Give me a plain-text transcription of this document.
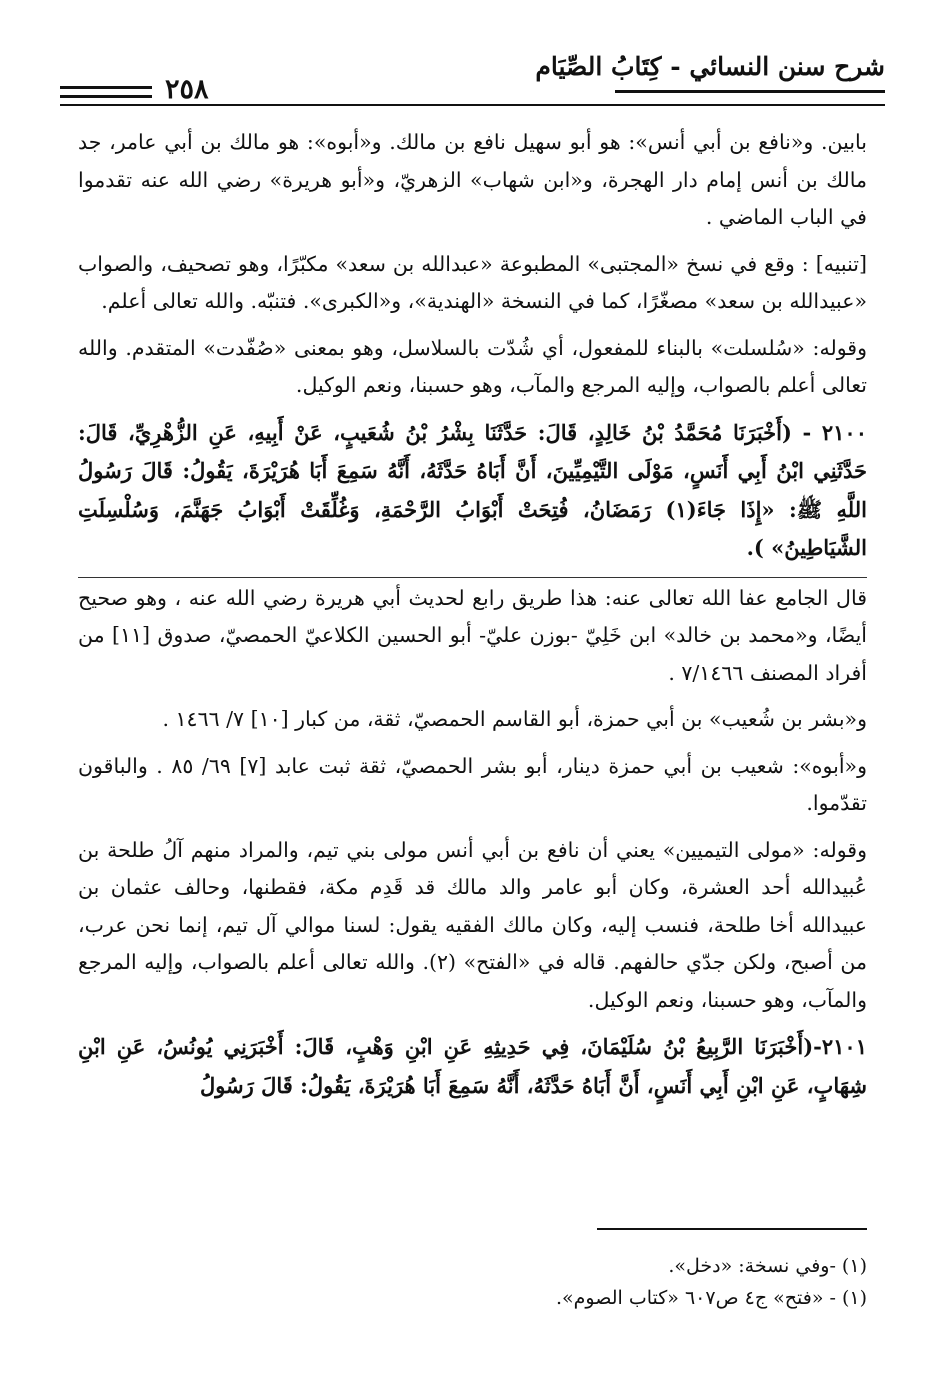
شرح سنن النسائي - كِتَابُ الصِّيَام
٢٥٨

بابين. و«نافع بن أبي أنس»: هو أبو سهيل نافع بن مالك. و«أبوه»: هو مالك بن أبي عامر، جد مالك بن أنس إمام دار الهجرة، و«ابن شهاب» الزهريّ، و«أبو هريرة» رضي الله عنه تقدموا في الباب الماضي .

[تنبيه] : وقع في نسخ «المجتبى» المطبوعة «عبدالله بن سعد» مكبّرًا، وهو تصحيف، والصواب «عبيدالله بن سعد» مصغّرًا، كما في النسخة «الهندية»، و«الكبرى». فتنبّه. والله تعالى أعلم.

وقوله: «سُلسلت» بالبناء للمفعول، أي شُدّت بالسلاسل، وهو بمعنى «صُفّدت» المتقدم. والله تعالى أعلم بالصواب، وإليه المرجع والمآب، وهو حسبنا، ونعم الوكيل.

٢١٠٠ - (أَخْبَرَنَا مُحَمَّدُ بْنُ خَالِدٍ، قَالَ: حَدَّثَنَا بِشْرُ بْنُ شُعَيبٍ، عَنْ أَبِيهِ، عَنِ الزُّهْرِيِّ، قَالَ: حَدَّثَنِي ابْنُ أَبِي أَنَسٍ، مَوْلَى التَّيْمِيِّينَ، أَنَّ أَبَاهُ حَدَّثَهُ، أَنَّهُ سَمِعَ أَبَا هُرَيْرَةَ، يَقُولُ: قَالَ رَسُولُ اللَّهِ ﷺ: «إِذَا جَاءَ(١) رَمَضَانُ، فُتِحَتْ أَبْوَابُ الرَّحْمَةِ، وَغُلِّقَتْ أَبْوَابُ جَهَنَّمَ، وَسُلْسِلَتِ الشَّيَاطِينُ» ).

قال الجامع عفا الله تعالى عنه: هذا طريق رابع لحديث أبي هريرة رضي الله عنه ، وهو صحيح أيضًا، و«محمد بن خالد» ابن خَلِيّ -بوزن عليّ- أبو الحسين الكلاعيّ الحمصيّ، صدوق [١١] من أفراد المصنف ٧/١٤٦٦ .

و«بشر بن شُعيب» بن أبي حمزة، أبو القاسم الحمصيّ، ثقة، من كبار [١٠] ٧/ ١٤٦٦ .

و«أبوه»: شعيب بن أبي حمزة دينار، أبو بشر الحمصيّ، ثقة ثبت عابد [٧] ٦٩/ ٨٥ . والباقون تقدّموا.

وقوله: «مولى التيميين» يعني أن نافع بن أبي أنس مولى بني تيم، والمراد منهم آلُ طلحة بن عُبيدالله أحد العشرة، وكان أبو عامر والد مالك قد قَدِم مكة، فقطنها، وحالف عثمان بن عبيدالله أخا طلحة، فنسب إليه، وكان مالك الفقيه يقول: لسنا موالي آل تيم، إنما نحن عرب، من أصبح، ولكن جدّي حالفهم. قاله في «الفتح» (٢). والله تعالى أعلم بالصواب، وإليه المرجع والمآب، وهو حسبنا، ونعم الوكيل.

٢١٠١-(أَخْبَرَنَا الرَّبِيعُ بْنُ سُلَيْمَانَ، فِي حَدِيثِهِ عَنِ ابْنِ وَهْبٍ، قَالَ: أَخْبَرَنِي يُونُسُ، عَنِ ابْنِ شِهَابٍ، عَنِ ابْنِ أَبِي أَنَسٍ، أَنَّ أَبَاهُ حَدَّثَهُ، أَنَّهُ سَمِعَ أَبَا هُرَيْرَةَ، يَقُولُ: قَالَ رَسُولُ

(١) -وفي نسخة: «دخل».

(١) - «فتح» ج٤ ص٦٠٧ «كتاب الصوم».
